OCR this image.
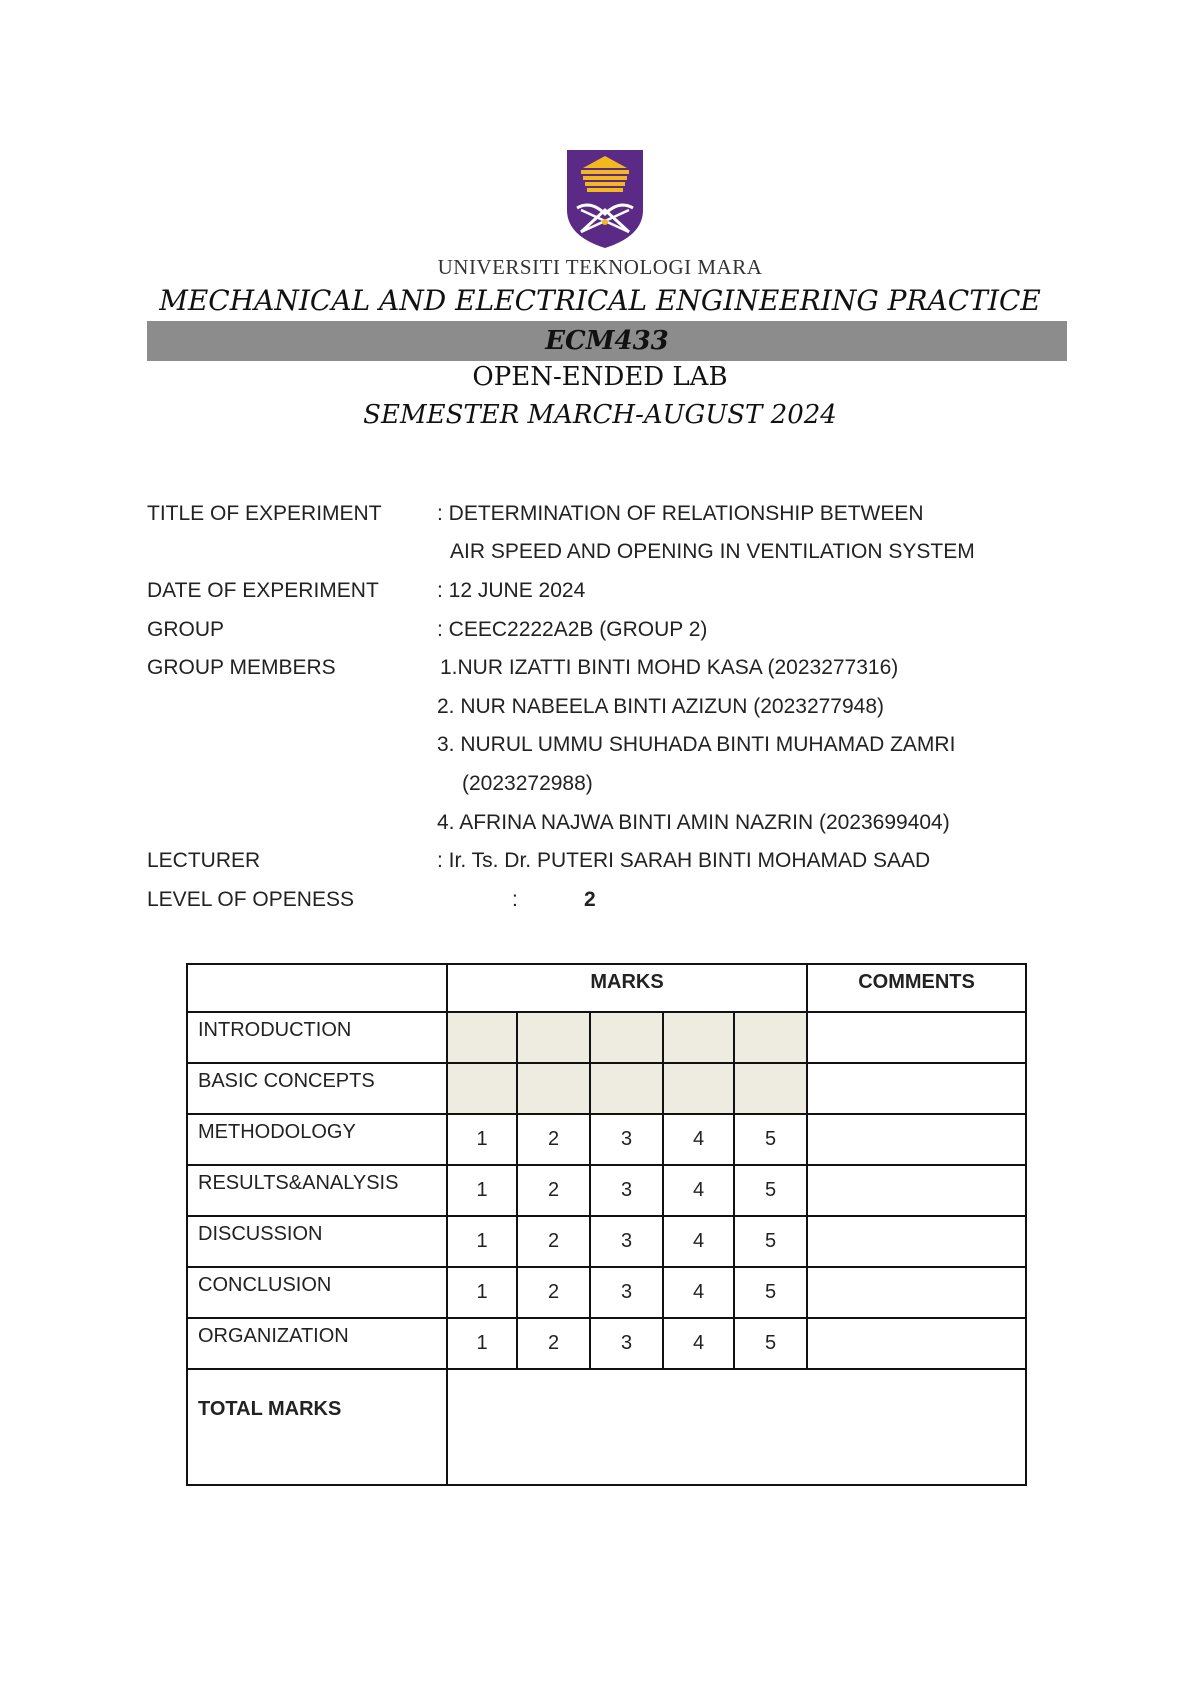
UNIVERSITI TEKNOLOGI MARA
MECHANICAL AND ELECTRICAL ENGINEERING PRACTICE
ECM433
OPEN-ENDED LAB
SEMESTER MARCH-AUGUST 2024
TITLE OF EXPERIMENT	: DETERMINATION OF RELATIONSHIP BETWEEN
AIR SPEED AND OPENING IN VENTILATION SYSTEM
DATE OF EXPERIMENT	: 12 JUNE 2024
GROUP	: CEEC2222A2B (GROUP 2)
GROUP MEMBERS	1.NUR IZATTI BINTI MOHD KASA (2023277316)
2. NUR NABEELA BINTI AZIZUN (2023277948)
3. NURUL UMMU SHUHADA BINTI MUHAMAD ZAMRI
(2023272988)
4. AFRINA NAJWA BINTI AMIN NAZRIN (2023699404)
LECTURER	: Ir. Ts. Dr. PUTERI SARAH BINTI MOHAMAD SAAD
LEVEL OF OPENESS	:	2
	MARKS					COMMENTS
INTRODUCTION						
BASIC CONCEPTS						
METHODOLOGY	1	2	3	4	5	
RESULTS&ANALYSIS	1	2	3	4	5	
DISCUSSION	1	2	3	4	5	
CONCLUSION	1	2	3	4	5	
ORGANIZATION	1	2	3	4	5	
TOTAL MARKS						
